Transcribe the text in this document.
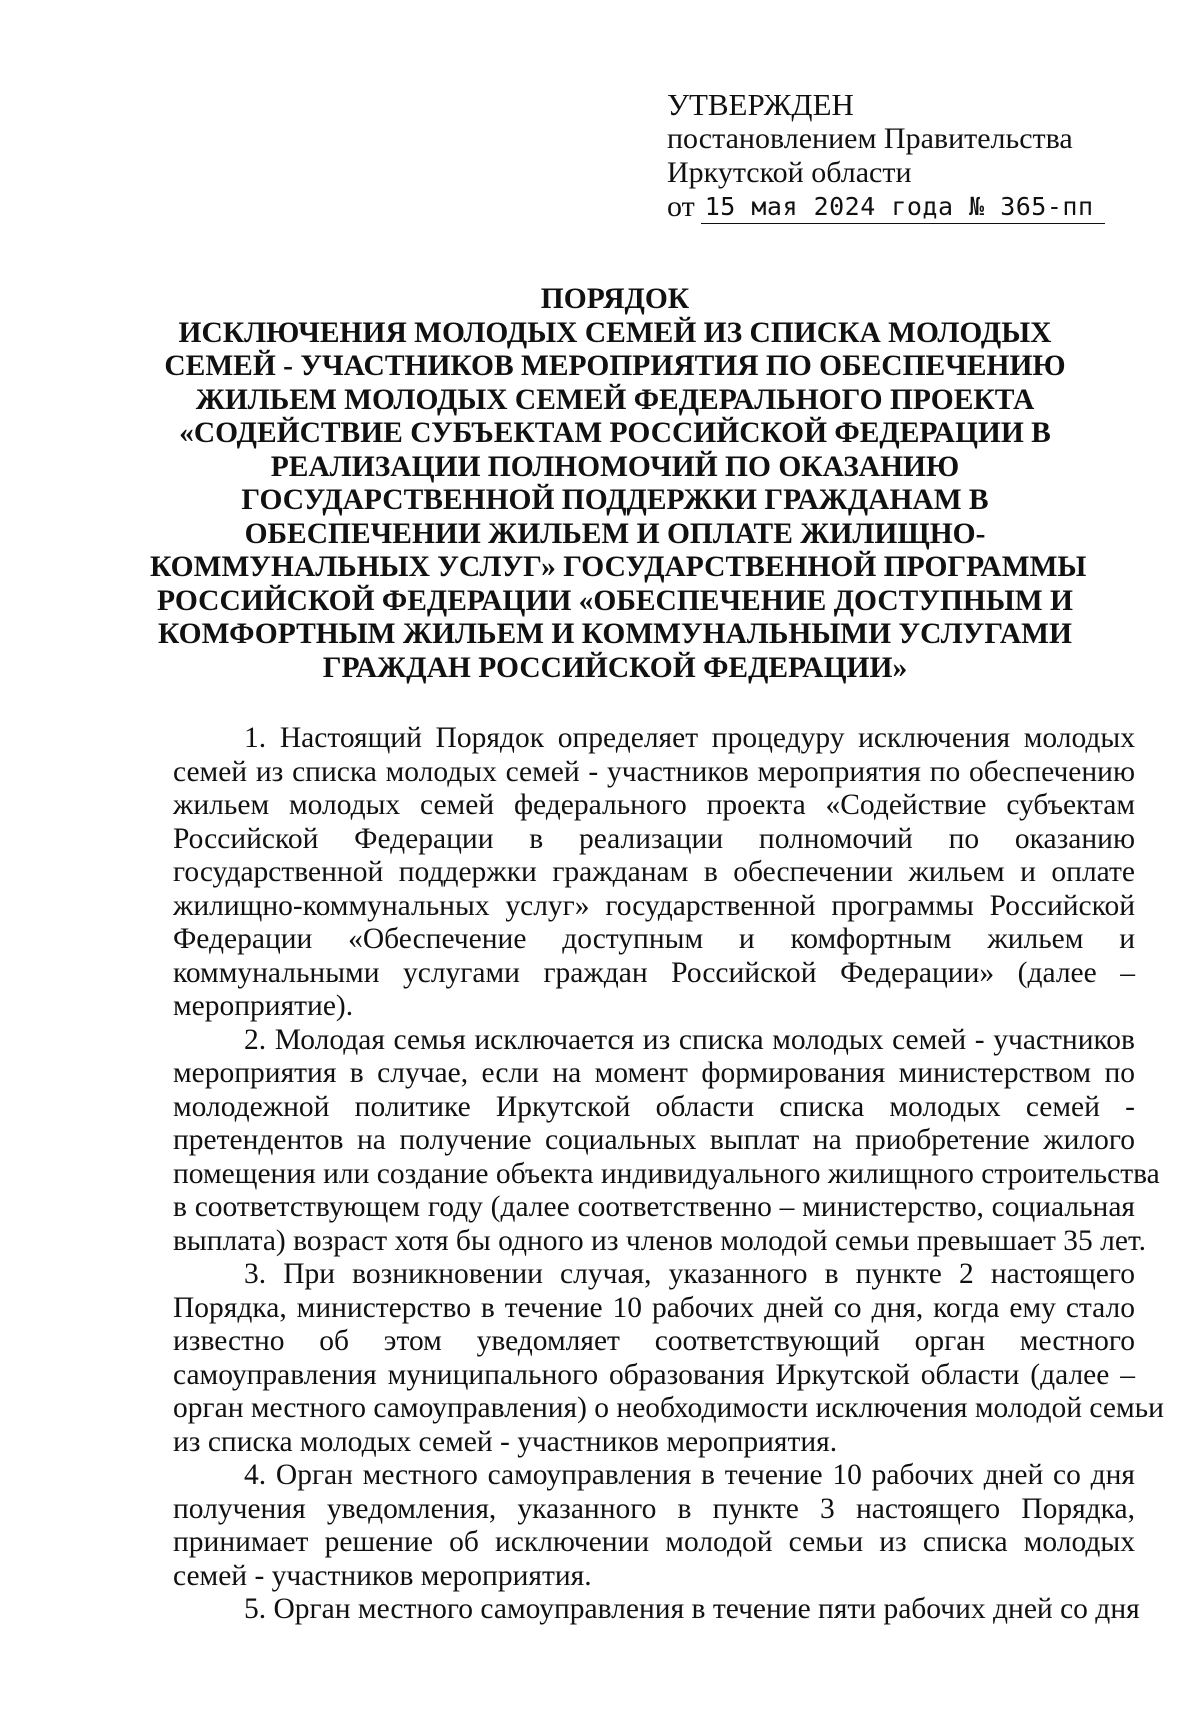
УТВЕРЖДЕН
постановлением Правительства
Иркутской области
от 15 мая 2024 года № 365-пп
ПОРЯДОК
ИСКЛЮЧЕНИЯ МОЛОДЫХ СЕМЕЙ ИЗ СПИСКА МОЛОДЫХ
СЕМЕЙ - УЧАСТНИКОВ МЕРОПРИЯТИЯ ПО ОБЕСПЕЧЕНИЮ
ЖИЛЬЕМ МОЛОДЫХ СЕМЕЙ ФЕДЕРАЛЬНОГО ПРОЕКТА
«СОДЕЙСТВИЕ СУБЪЕКТАМ РОССИЙСКОЙ ФЕДЕРАЦИИ В
РЕАЛИЗАЦИИ ПОЛНОМОЧИЙ ПО ОКАЗАНИЮ
ГОСУДАРСТВЕННОЙ ПОДДЕРЖКИ ГРАЖДАНАМ В
ОБЕСПЕЧЕНИИ ЖИЛЬЕМ И ОПЛАТЕ ЖИЛИЩНО-
КОММУНАЛЬНЫХ УСЛУГ» ГОСУДАРСТВЕННОЙ ПРОГРАММЫ
РОССИЙСКОЙ ФЕДЕРАЦИИ «ОБЕСПЕЧЕНИЕ ДОСТУПНЫМ И
КОМФОРТНЫМ ЖИЛЬЕМ И КОММУНАЛЬНЫМИ УСЛУГАМИ
ГРАЖДАН РОССИЙСКОЙ ФЕДЕРАЦИИ»
1. Настоящий Порядок определяет процедуру исключения молодых
семей из списка молодых семей - участников мероприятия по обеспечению
жильем молодых семей федерального проекта «Содействие субъектам
Российской Федерации в реализации полномочий по оказанию
государственной поддержки гражданам в обеспечении жильем и оплате
жилищно-коммунальных услуг» государственной программы Российской
Федерации «Обеспечение доступным и комфортным жильем и
коммунальными услугами граждан Российской Федерации» (далее –
мероприятие).
2. Молодая семья исключается из списка молодых семей - участников
мероприятия в случае, если на момент формирования министерством по
молодежной политике Иркутской области списка молодых семей -
претендентов на получение социальных выплат на приобретение жилого
помещения или создание объекта индивидуального жилищного строительства
в соответствующем году (далее соответственно – министерство, социальная
выплата) возраст хотя бы одного из членов молодой семьи превышает 35 лет.
3. При возникновении случая, указанного в пункте 2 настоящего
Порядка, министерство в течение 10 рабочих дней со дня, когда ему стало
известно об этом уведомляет соответствующий орган местного
самоуправления муниципального образования Иркутской области (далее –
орган местного самоуправления) о необходимости исключения молодой семьи
из списка молодых семей - участников мероприятия.
4. Орган местного самоуправления в течение 10 рабочих дней со дня
получения уведомления, указанного в пункте 3 настоящего Порядка,
принимает решение об исключении молодой семьи из списка молодых
семей - участников мероприятия.
5. Орган местного самоуправления в течение пяти рабочих дней со дня
